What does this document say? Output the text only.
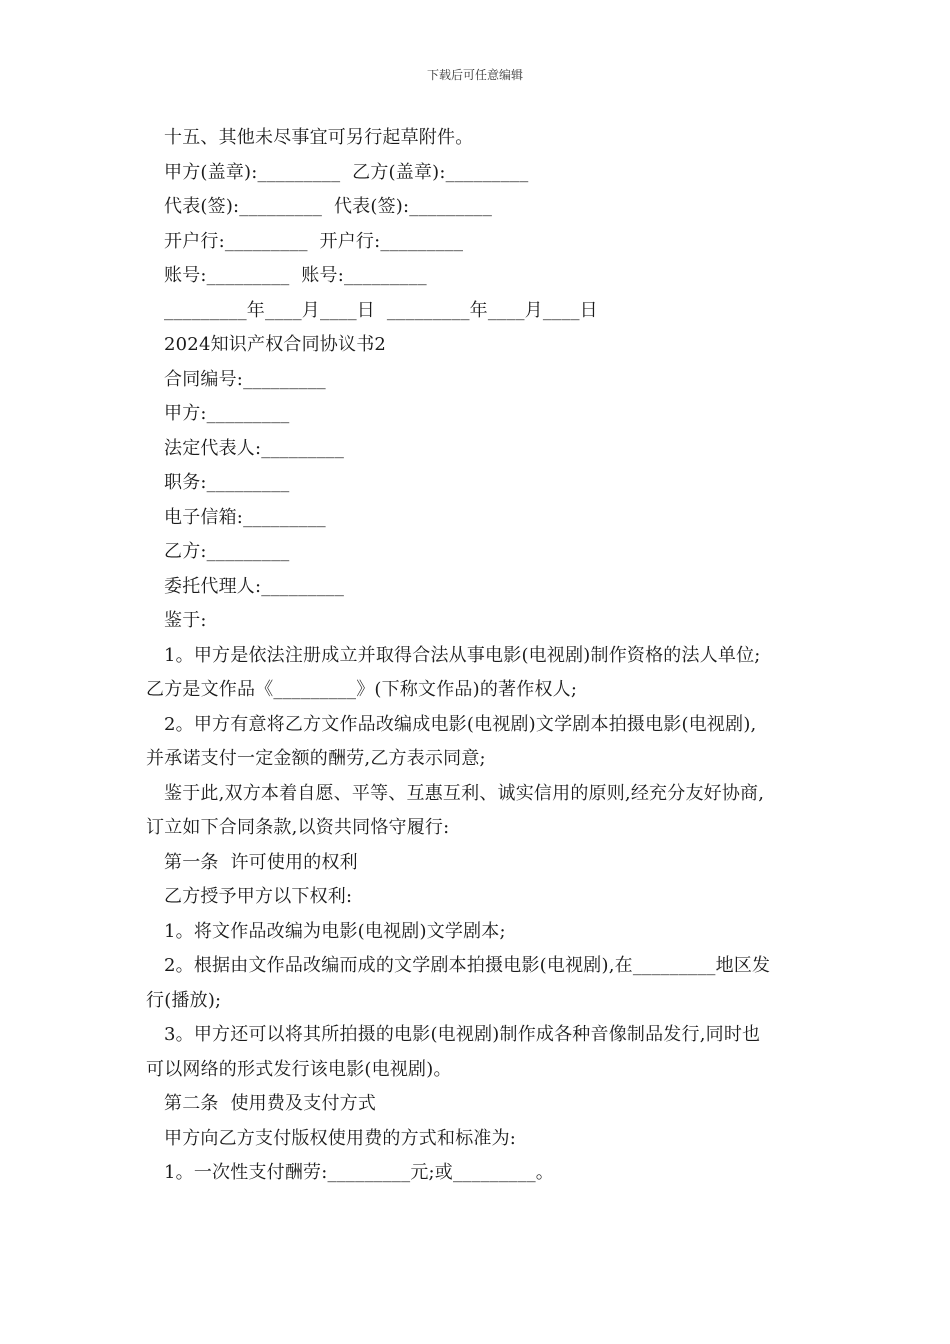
下载后可任意编辑
十五、其他未尽事宜可另行起草附件。
甲方(盖章):_________  乙方(盖章):_________
代表(签):_________  代表(签):_________
开户行:_________  开户行:_________
账号:_________  账号:_________
_________年____月____日  _________年____月____日
2024知识产权合同协议书2
合同编号:_________
甲方:_________
法定代表人:_________
职务:_________
电子信箱:_________
乙方:_________
委托代理人:_________
鉴于:
1。甲方是依法注册成立并取得合法从事电影(电视剧)制作资格的法人单位;
乙方是文作品《_________》(下称文作品)的著作权人;
2。甲方有意将乙方文作品改编成电影(电视剧)文学剧本拍摄电影(电视剧),
并承诺支付一定金额的酬劳,乙方表示同意;
鉴于此,双方本着自愿、平等、互惠互利、诚实信用的原则,经充分友好协商,
订立如下合同条款,以资共同恪守履行:
第一条  许可使用的权利
乙方授予甲方以下权利:
1。将文作品改编为电影(电视剧)文学剧本;
2。根据由文作品改编而成的文学剧本拍摄电影(电视剧),在_________地区发
行(播放);
3。甲方还可以将其所拍摄的电影(电视剧)制作成各种音像制品发行,同时也
可以网络的形式发行该电影(电视剧)。
第二条  使用费及支付方式
甲方向乙方支付版权使用费的方式和标准为:
1。一次性支付酬劳:_________元;或_________。
